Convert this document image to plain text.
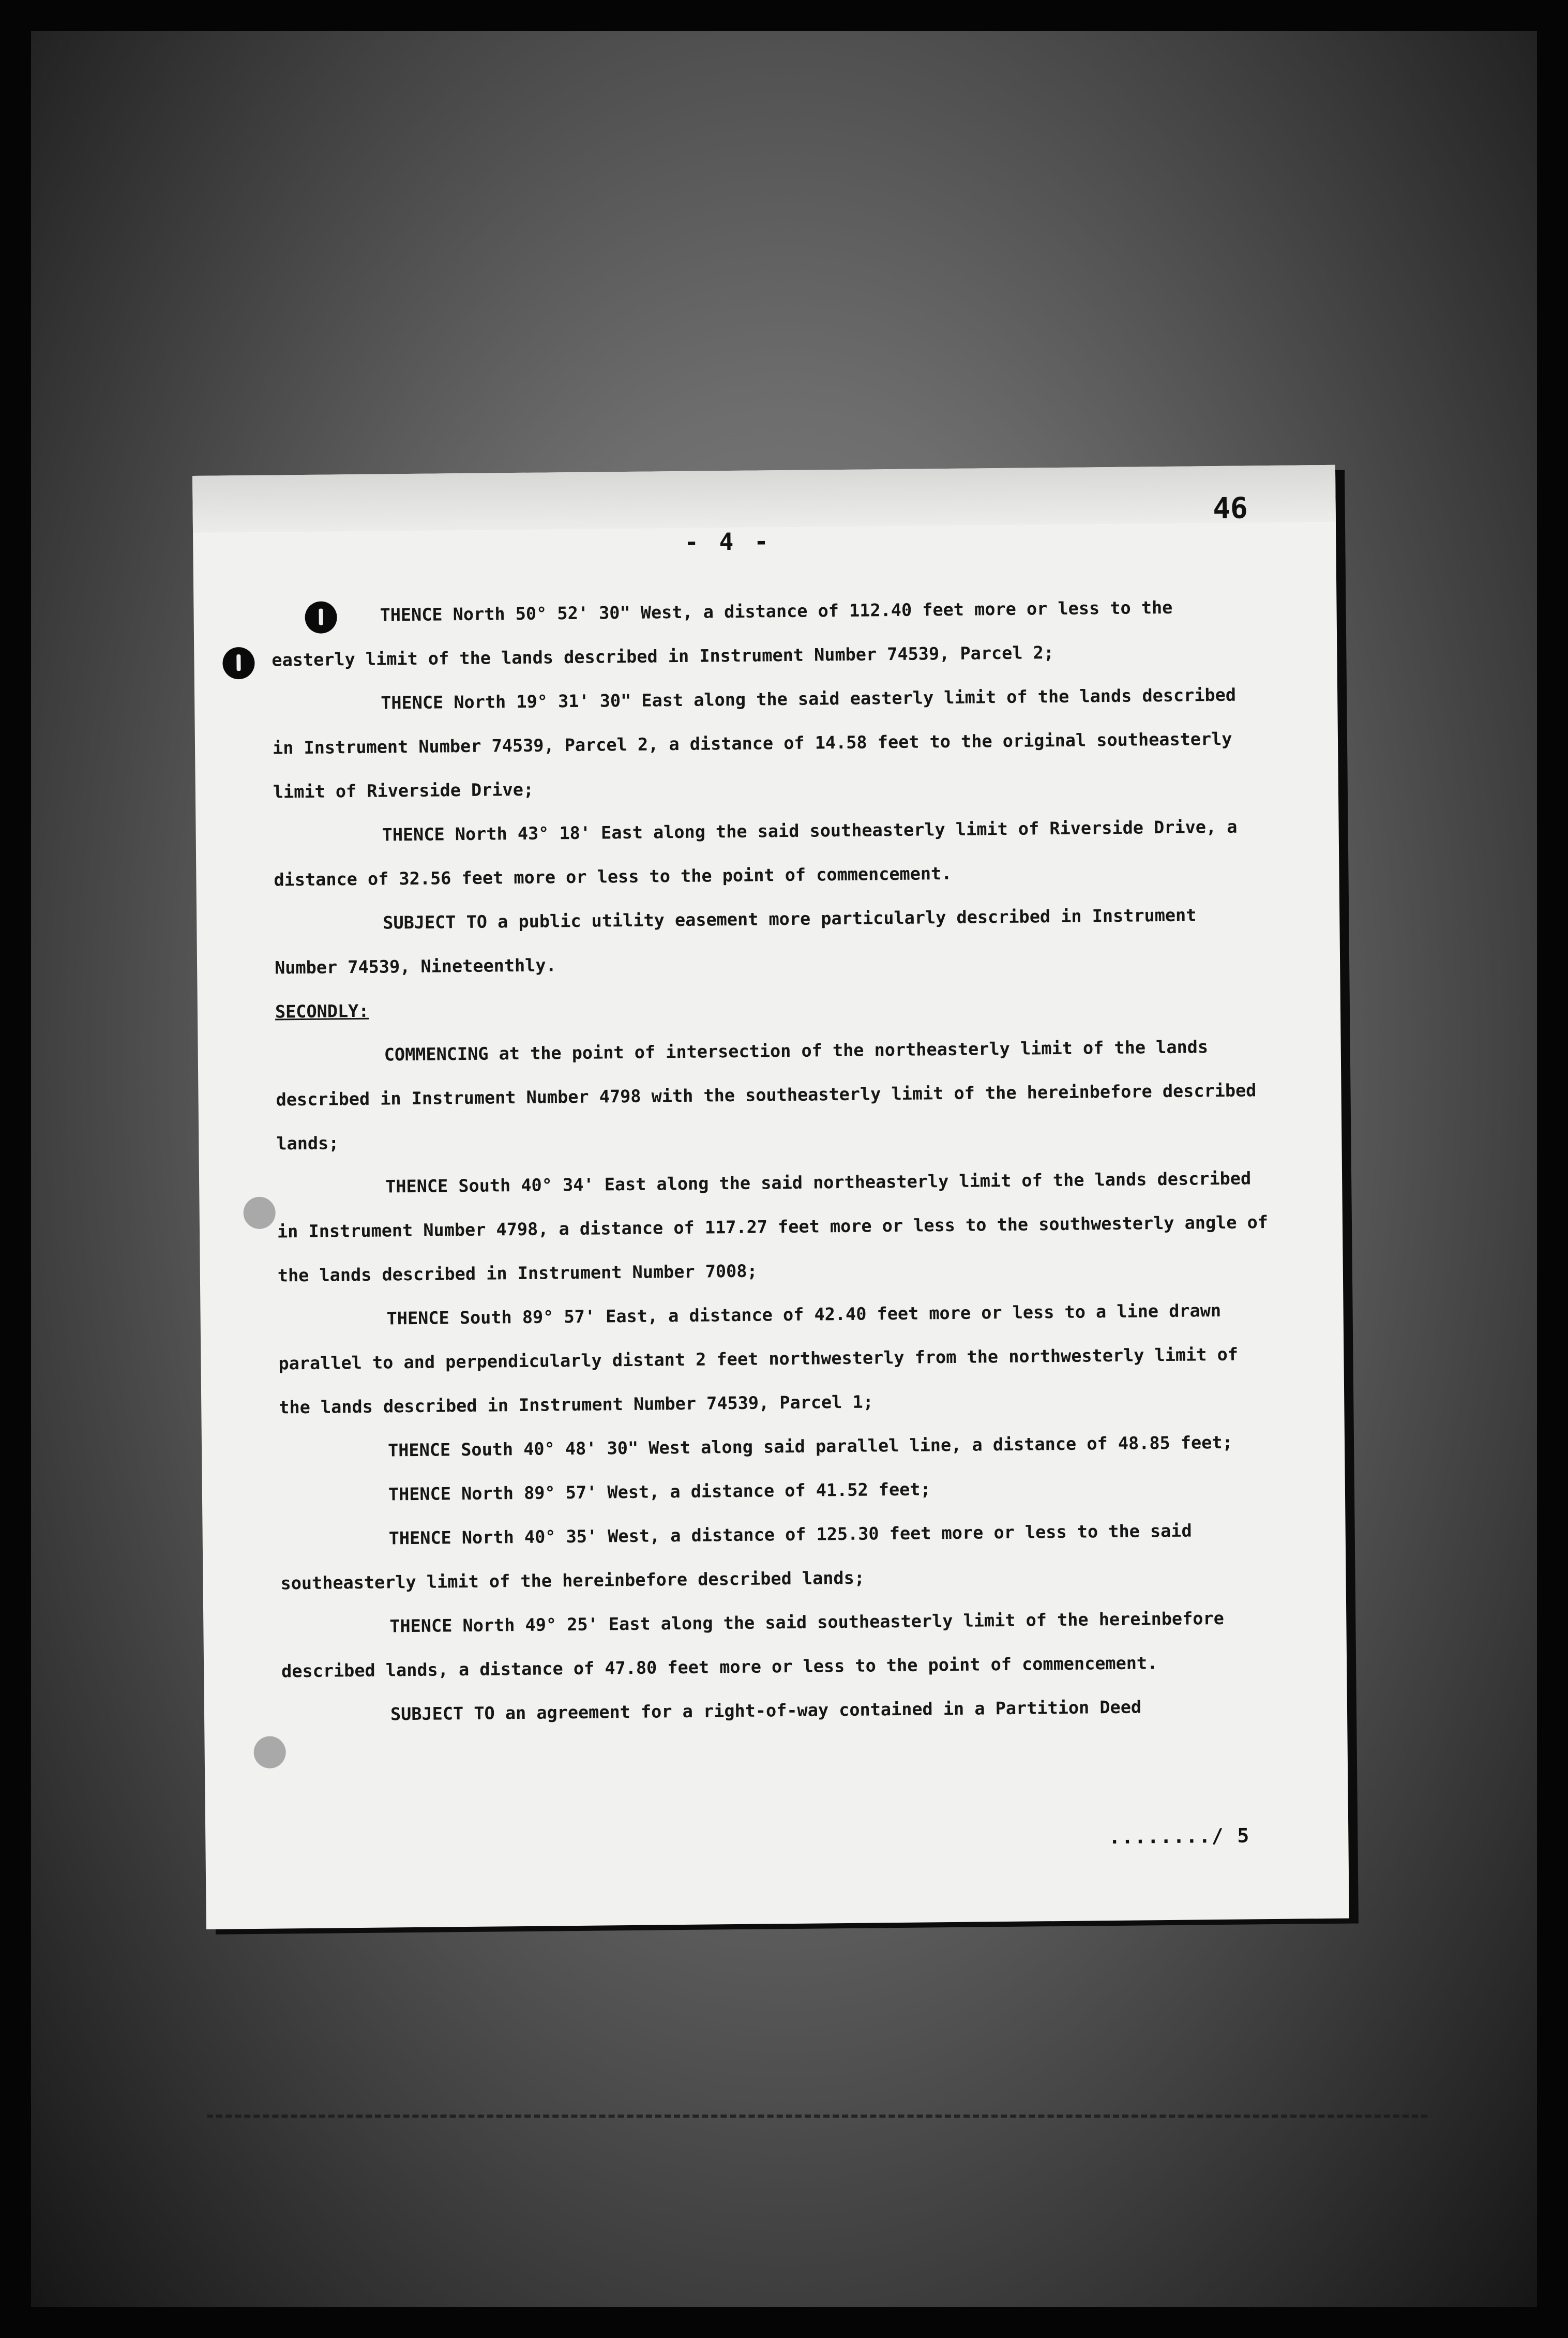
- 4 -
46

THENCE North 50° 52' 30" West, a distance of 112.40 feet more or less to the easterly limit of the lands described in Instrument Number 74539, Parcel 2;

THENCE North 19° 31' 30" East along the said easterly limit of the lands described in Instrument Number 74539, Parcel 2, a distance of 14.58 feet to the original southeasterly limit of Riverside Drive;

THENCE North 43° 18' East along the said southeasterly limit of Riverside Drive, a distance of 32.56 feet more or less to the point of commencement.

SUBJECT TO a public utility easement more particularly described in Instrument Number 74539, Nineteenthly.

SECONDLY:

COMMENCING at the point of intersection of the northeasterly limit of the lands described in Instrument Number 4798 with the southeasterly limit of the hereinbefore described lands;

THENCE South 40° 34' East along the said northeasterly limit of the lands described in Instrument Number 4798, a distance of 117.27 feet more or less to the southwesterly angle of the lands described in Instrument Number 7008;

THENCE South 89° 57' East, a distance of 42.40 feet more or less to a line drawn parallel to and perpendicularly distant 2 feet northwesterly from the northwesterly limit of the lands described in Instrument Number 74539, Parcel 1;

THENCE South 40° 48' 30" West along said parallel line, a distance of 48.85 feet;

THENCE North 89° 57' West, a distance of 41.52 feet;

THENCE North 40° 35' West, a distance of 125.30 feet more or less to the said southeasterly limit of the hereinbefore described lands;

THENCE North 49° 25' East along the said southeasterly limit of the hereinbefore described lands, a distance of 47.80 feet more or less to the point of commencement.

SUBJECT TO an agreement for a right-of-way contained in a Partition Deed

......../ 5
